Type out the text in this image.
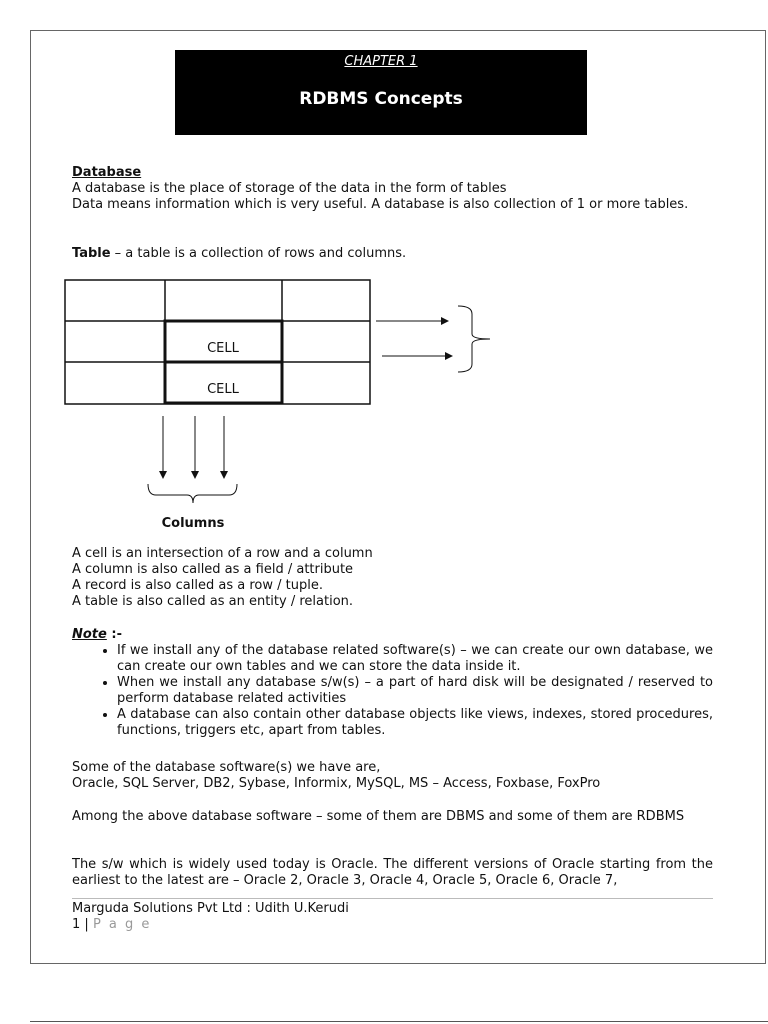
CHAPTER 1
RDBMS Concepts
Database
A database is the place of storage of the data in the form of tables
Data means information which is very useful. A database is also collection of 1 or more tables.
Table – a table is a collection of rows and columns.
CELL
CELL
Columns
A cell is an intersection of a row and a column
A column is also called as a field / attribute
A record is also called as a row / tuple.
A table is also called as an entity / relation.
Note :-
• If we install any of the database related software(s) – we can create our own database, we can create our own tables and we can store the data inside it.
• When we install any database s/w(s) – a part of hard disk will be designated / reserved to perform database related activities
• A database can also contain other database objects like views, indexes, stored procedures, functions, triggers etc, apart from tables.
Some of the database software(s) we have are,
Oracle, SQL Server, DB2, Sybase, Informix, MySQL, MS – Access, Foxbase, FoxPro
Among the above database software – some of them are DBMS and some of them are RDBMS
The s/w which is widely used today is Oracle. The different versions of Oracle starting from the earliest to the latest are – Oracle 2, Oracle 3, Oracle 4, Oracle 5, Oracle 6, Oracle 7,
Marguda Solutions Pvt Ltd : Udith U.Kerudi
1 | P a g e
